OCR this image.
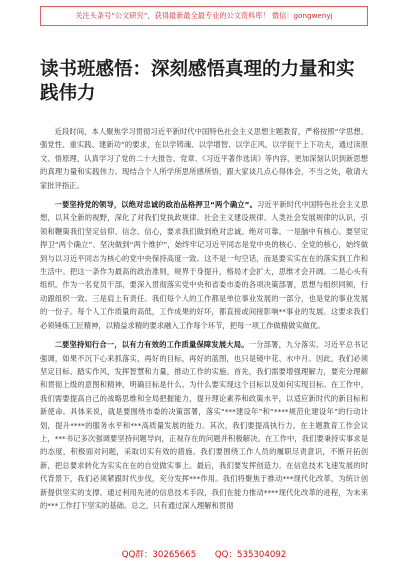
关注头条号“公文研究”，获得最新最全最专业的公文资料库！ 微信：gongwenyj
读书班感悟：深刻感悟真理的力量和实践伟力

近段时间，本人聚焦学习贯彻习近平新时代中国特色社会主义思想主题教育，严格按照“学思想、强党性、重实践、建新功”的要求，在以学铸魂、以学增智、以学正风、以学促干上下功夫，通过读原文、悟原理，认真学习了党的二十大报告、党章、《习近平著作选读》等内容，更加深刻认识到新思想的真理力量和实践伟力。现结合个人所学所思所感所悟，跟大家谈几点心得体会，不当之处，敬请大家批评指正。

一要坚持党的领导，以绝对忠诚的政治品格押卫“两个确立”。习近平新时代中国特色社会主义思想，以其全新的视野，深化了对我们党执政规律、社会主义建设规律、人类社会发展规律的认识，引领和鞭策我们坚定信仰、信念、信心，要求我们做到绝对忠诚、绝对可靠。一是脑中有核心。要坚定捍卫“两个确立”、坚决做到“两个维护”，始终牢记习近平同志是党中央的核心、全党的核心，始终做到与以习近平同志为核心的党中央保持高度一致。这不是一句空话，而是要实实在在的落实到工作和生活中。把这一条作为最高的政治准则，规界于身提升，格局才会扩大，思维才会开阔。二是心头有组织。作为一名党员干部，要深入贯彻落实党中央和省委市委的各项决策部署，思想与组织同频，行动跟组织一致。三是肩上有责任。我们每个人的工作都是单位事业发展的一部分，也是党的事业发展的一份子。每个人工作质量的高低，工作成果的好坏，都直接或间接影响**事业的发展。这要求我们必须锤炼工匠精神，以精益求精的要求融入工作每个环节，把每一项工作做精做实做优。

二要坚持知行合一，以有力有效的工作质量保障发展大局。一分部署，九分落实。习近平总书记强调，如果不沉下心来抓落实，再好的目标，再好的蓝图，也只是镜中花、水中月。因此，我们必须坚定目标、踏实作风，发挥智慧和力量，推动工作的实施。首先，我们需要增强理解力，要充分理解和贯彻上级的意图和精神，明确目标是什么。为什么要实现这个目标以及如何实现目标。在工作中，我们需要提高自己的战略思维和全局把握能力，提升理论素养和政策水平，以适应新时代的新目标和新使命。具体来说，就是要围绕市委的决策部署，落实“***建设年”和“****规范化建设年”的行动计划，提升****的服务水平和***高质量发展的能力。其次，我们要提高执行力。在主题教育工作会议上，***书记多次强调要坚持问题导向，正视存在的问题并积极解决。在工作中，我们要秉持实事求是的态度，积极面对问题，采取切实有效的措施。我们要围绕工作人员的履职尽责意识，不断开拓创新，把总要求转化为实实在在的自觉做实事上。最后，我们要发挥创造力。在信息技术飞速发展的时代背景下，我们必须紧跟时代步伐，充分发挥***作用。我们将聚焦于推动***现代化改革，为统计创新提供坚实的支撑。通过利用先进的信息技术手段，我们在能力推动****现代化改革的进程，为未来的***工作打下坚实的基础。总之，只有通过深入理解和贯彻

QQ群：30265665 QQ：535304092
